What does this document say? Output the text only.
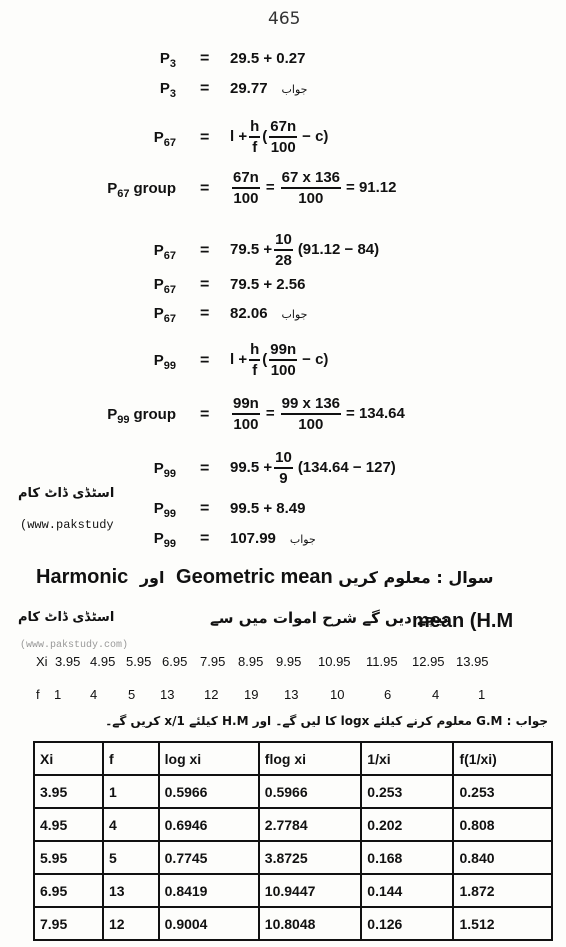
465
$P_3 = 29.5 + 0.27$
$P_3 = 29.77$ جواب
$P_{67} = l + \frac{h}{f}$ ( $\frac{67n}{100} - c$)
$P_{67}$ group = $\frac{67n}{100} = \frac{67 x 136}{100} = 91.12$
$P_{67} = 79.5 + \frac{10}{28} (91.12 - 84)$
$P_{67} = 79.5 + 2.56$
$P_{67} = 82.06$ جواب
$P_{99} = l + \frac{h}{f}$ ( $\frac{99n}{100} - c$)
$P_{99}$ group = $\frac{99n}{100} = \frac{99 x 136}{100} = 134.64$
$P_{99} = 99.5 + \frac{10}{9} (134.64 - 127)$
$P_{99} = 99.5 + 8.49$
$P_{99} = 107.99$ جواب
اسٹڈی ڈاٹ کام
(www.pakstudy
اسٹڈی ڈاٹ کام
(www.pakstudy.com)
Harmonic اور Geometric mean سوال : معلوم کریں
نیچے دیں گے شرح اموات میں سے
mean (H.M
Xi 3.95 4.95 5.95 6.95 7.95 8.95 9.95 10.95 11.95 12.95 13.95
f 1 4 5 13 12 19 13 10	6	4	1
جواب : G.M معلوم کرنے کیلئے logx کا لیں گے۔ اور H.M کیلئے 1/x کریں گے۔
Xi	f	log xi	flog xi	1/xi	f(1/xi)
3.95	1	0.5966	0.5966	0.253	0.253
4.95	4	0.6946	2.7784	0.202	0.808
5.95	5	0.7745	3.8725	0.168	0.840
6.95	13	0.8419	10.9447	0.144	1.872
7.95	12	0.9004	10.8048	0.126	1.512
